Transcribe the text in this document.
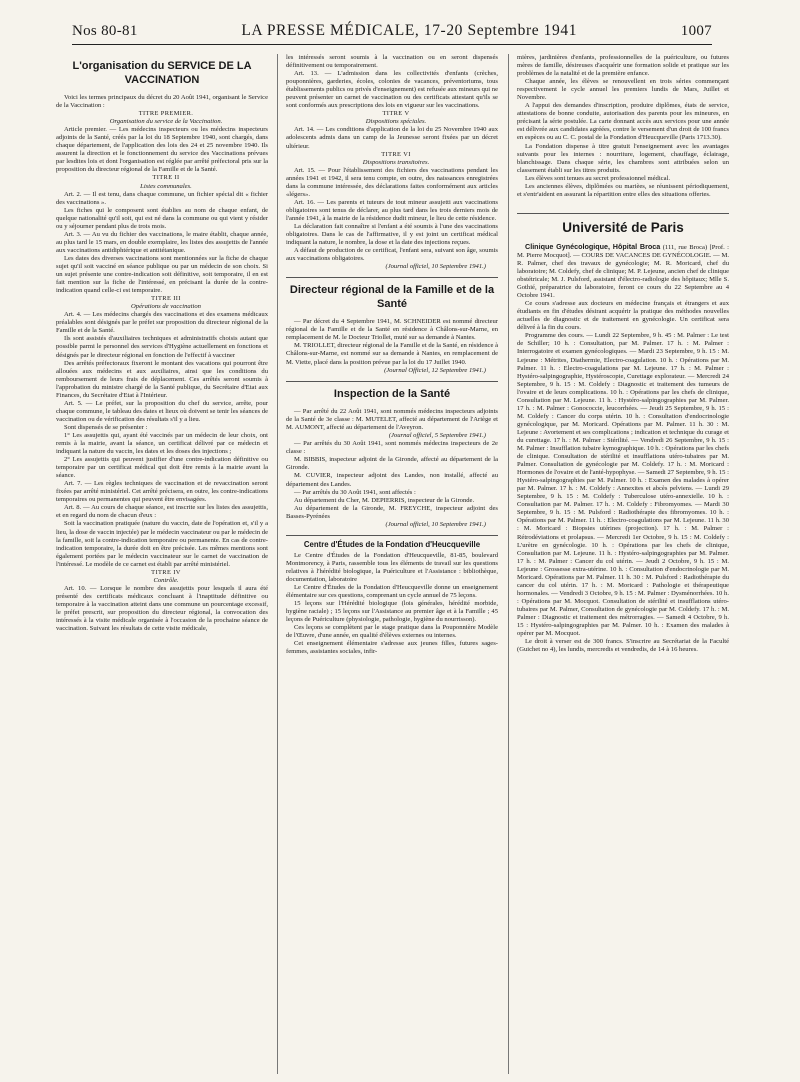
Nos 80-81	LA PRESSE MÉDICALE, 17-20 Septembre 1941	1007
L'organisation du SERVICE DE LA VACCINATION

Voici les termes principaux du décret du 20 Août 1941, organisant le Service de la Vaccination :

TITRE PREMIER.

Organisation du service de la Vaccination.

Article premier. — Les médecins inspecteurs ou les médecins inspecteurs adjoints de la Santé, créés par la loi du 18 Septembre 1940, sont chargés, dans chaque département, de l'application des lois des 24 et 25 novembre 1940. Ils assurent la direction et le fonctionnement du service des Vaccinations prévues par lesdites lois et dont l'organisation est réglée par arrêté préfectoral pris sur la proposition du directeur régional de la Famille et de la Santé.

TITRE II

Listes communales.

Art. 2. — Il est tenu, dans chaque commune, un fichier spécial dit « fichier des vaccinations ».

Les fiches qui le composent sont établies au nom de chaque enfant, de quelque nationalité qu'il soit, qui est né dans la commune ou qui vient y résider ou y séjourner pendant plus de trois mois.

Art. 3. — Au vu du fichier des vaccinations, le maire établit, chaque année, au plus tard le 15 mars, en double exemplaire, les listes des assujettis de l'année aux vaccinations antidiphtérique et antitétanique.

Les dates des diverses vaccinations sont mentionnées sur la fiche de chaque sujet qu'il soit vacciné en séance publique ou par un médecin de son choix. Si un sujet présente une contre-indication soit définitive, soit temporaire, il en est fait mention sur la fiche de l'intéressé, en précisant la durée de la contre-indication quand celle-ci est temporaire.

TITRE III

Opérations de vaccination

Art. 4. — Les médecins chargés des vaccinations et des examens médicaux préalables sont désignés par le préfet sur proposition du directeur régional de la Famille et de la Santé.

Ils sont assistés d'auxiliaires techniques et administratifs choisis autant que possible parmi le personnel des services d'Hygiène actuellement en fonctions et désignés par le directeur régional en fonction de l'effectif à vacciner

Des arrêtés préfectoraux fixeront le montant des vacations qui pourront être allouées aux médecins et aux auxiliaires, ainsi que les conditions du remboursement de leurs frais de déplacement. Ces arrêtés seront soumis à l'approbation du ministre chargé de la Santé publique, du Secrétaire d'Etat aux Finances, du Secrétaire d'Etat à l'Intérieur.

Art. 5. — Le préfet, sur la proposition du chef du service, arrête, pour chaque commune, le tableau des dates et lieux où doivent se tenir les séances de vaccination ou de vérification des résultats s'il y a lieu.

Sont dispensés de se présenter :

1° Les assujettis qui, ayant été vaccinés par un médecin de leur choix, ont remis à la mairie, avant la séance, un certificat délivré par ce médecin et indiquant la nature du vaccin, les dates et les doses des injections ;

2° Les assujettis qui peuvent justifier d'une contre-indication définitive ou temporaire par un certificat médical qui doit être remis à la mairie avant la séance.

Art. 7. — Les règles techniques de vaccination et de revaccination seront fixées par arrêté ministériel. Cet arrêté précisera, en outre, les contre-indications temporaires ou permanentes qui peuvent être envisagées.

Art. 8. — Au cours de chaque séance, est inscrite sur les listes des assujettis, et en regard du nom de chacun d'eux :

Soit la vaccination pratiquée (nature du vaccin, date de l'opération et, s'il y a lieu, la dose de vaccin injectée) par le médecin vaccinateur ou par le médecin de la famille, soit la contre-indication temporaire ou permanente. En cas de contre-indication temporaire, la durée doit en être précisée. Les mêmes mentions sont également portées par le médecin vaccinateur sur le carnet de vaccination de l'intéressé. Le modèle de ce carnet est établi par arrêté ministériel.

TITRE IV

Contrôle.

Art. 10. — Lorsque le nombre des assujettis pour lesquels il aura été présenté des certificats médicaux concluant à l'inaptitude définitive ou temporaire à la vaccination atteint dans une commune un pourcentage excessif, le préfet prescrit, sur proposition du directeur régional, la convocation des intéressés à la visite médicale organisée à l'occasion de la prochaine séance de vaccination. Suivant les résultats de cette visite médicale,

les intéressés seront soumis à la vaccination ou en seront dispensés définitivement ou temporairement.

Art. 13. — L'admission dans les collectivités d'enfants (crèches, pouponnières, garderies, écoles, colonies de vacances, préventoriums, tous établissements publics ou privés d'enseignement) est refusée aux mineurs qui ne peuvent présenter un carnet de vaccination ou des certificats attestant qu'ils se sont conformés aux prescriptions des lois en vigueur sur les vaccinations.

TITRE V

Dispositions spéciales.

Art. 14. — Les conditions d'application de la loi du 25 Novembre 1940 aux adolescents admis dans un camp de la Jeunesse seront fixées par un décret ultérieur.

TITRE VI

Dispositions transitoires.

Art. 15. — Pour l'établissement des fichiers des vaccinations pendant les années 1941 et 1942, il sera tenu compte, en outre, des naissances enregistrées dans la commune intéressée, des déclarations faites conformément aux articles «légers».

Art. 16. — Les parents et tuteurs de tout mineur assujetti aux vaccinations obligatoires sont tenus de déclarer, au plus tard dans les trois derniers mois de l'année 1941, à la mairie de la résidence dudit mineur, le lieu de cette résidence.

La déclaration fait connaître si l'enfant a été soumis à l'une des vaccinations obligatoires. Dans le cas de l'affirmative, il y est joint un certificat médical indiquant la nature, le nombre, la dose et la date des injections reçues.

A défaut de production de ce certificat, l'enfant sera, suivant son âge, soumis aux vaccinations obligatoires.

(Journal officiel, 10 Septembre 1941.)

Directeur régional de la Famille et de la Santé

— Par décret du 4 Septembre 1941, M. SCHNEIDER est nommé directeur régional de la Famille et de la Santé en résidence à Châlons-sur-Marne, en remplacement de M. le Docteur Triollet, muté sur sa demande à Nantes.

M. TRIOLLET, directeur régional de la Famille et de la Santé, en résidence à Châlons-sur-Marne, est nommé sur sa demande à Nantes, en remplacement de M. Viette, placé dans la position prévue par la loi du 17 Juillet 1940.

(Journal Officiel, 12 Septembre 1941.)

Inspection de la Santé

— Par arrêté du 22 Août 1941, sont nommés médecins inspecteurs adjoints de la Santé de 3e classe : M. MUTELET, affecté au département de l'Ariège et M. AUMONT, affecté au département de l'Aveyron.

(Journal officiel, 5 Septembre 1941.)

— Par arrêtés du 30 Août 1941, sont nommés médecins inspecteurs de 2e classe :

M. BIBBIS, inspecteur adjoint de la Gironde, affecté au département de la Gironde.

M. CUVIER, inspecteur adjoint des Landes, non installé, affecté au département des Landes.

— Par arrêtés du 30 Août 1941, sont affectés :

Au département du Cher, M. DEPIERRIS, inspecteur de la Gironde.

Au département de la Gironde, M. FREYCHE, inspecteur adjoint des Basses-Pyrénées

(Journal officiel, 10 Septembre 1941.)

Centre d'Études de la Fondation d'Heucqueville

Le Centre d'Études de la Fondation d'Heucqueville, 81-85, boulevard Montmorency, à Paris, rassemble tous les éléments de travail sur les questions relatives à l'hérédité biologique, la Puériculture et l'Assistance : bibliothèque, documentation, laboratoire

Le Centre d'Études de la Fondation d'Heucqueville donne un enseignement élémentaire sur ces questions, comprenant un cycle annuel de 75 leçons.

15 leçons sur l'Hérédité biologique (lois générales, hérédité morbide, hygiène raciale) ; 15 leçons sur l'Assistance au premier âge et à la Famille ; 45 leçons de Puériculture (physiologie, pathologie, hygiène du nourrisson).

Ces leçons se complètent par le stage pratique dans la Pouponnière Modèle de l'Œuvre, d'une année, en qualité d'élèves externes ou internes.

Cet enseignement élémentaire s'adresse aux jeunes filles, futures sages-femmes, assistantes sociales, infir-

mières, jardinières d'enfants, professionnelles de la puériculture, ou futures mères de famille, désireuses d'acquérir une formation solide et pratique sur les problèmes de la natalité et de la première enfance.

Chaque année, les élèves se renouvellent en trois séries commençant respectivement le cycle annuel les premiers lundis de Mars, Juillet et Novembre.

A l'appui des demandes d'inscription, produire diplômes, états de service, attestations de bonne conduite, autorisation des parents pour les mineures, en précisant la série postulée. La carte donnant accès aux services pour une année est délivrée aux candidates agréées, contre le versement d'un droit de 100 francs en espèces ou au C. C. postal de la Fondation d'Heucqueville (Paris 1713.30).

La Fondation dispense à titre gratuit l'enseignement avec les avantages suivants pour les internes : nourriture, logement, chauffage, éclairage, blanchissage. Dans chaque série, les chambres sont attribuées selon un classement établi sur les titres produits.

Les élèves sont tenues au secret professionnel médical.

Les anciennes élèves, diplômées ou marièes, se réunissent périodiquement, et s'entr'aident en assurant la répartition entre elles des situations offertes.

Université de Paris

Clinique Gynécologique, Hôpital Broca (111, rue Broca) [Prof. : M. Pierre Mocquot]. — COURS DE VACANCES DE GYNÉCOLOGIE. — M. R. Palmer, chef des travaux de gynécologie; M. R. Moricard, chef du laboratoire; M. Coldefy, chef de clinique; M. P. Lejeune, ancien chef de clinique obstétricale; M. J. Pulsford, assistant d'électro-radiologie des hôpitaux; Mlle S. Gothié, préparatrice du laboratoire, feront ce cours du 22 Septembre au 4 Octobre 1941.

Ce cours s'adresse aux docteurs en médecine français et étrangers et aux étudiants en fin d'études désirant acquérir la pratique des méthodes nouvelles actuelles de diagnostic et de traitement en gynécologie. Un certificat sera délivré à la fin du cours.

Programme des cours. — Lundi 22 Septembre, 9 h. 45 : M. Palmer : Le test de Schiller; 10 h. : Consultation, par M. Palmer. 17 h. : M. Palmer : Interrogatoire et examen gynécologiques. — Mardi 23 Septembre, 9 h. 15 : M. Lejeune : Métrites, Diathermie, Electro-coagulation. 10 h. : Opérations par M. Palmer. 11 h. : Electro-coagulations par M. Lejeune. 17 h. : M. Palmer : Hystéro-salpingographie, Hystéroscopie, Curettage explorateur. — Mercredi 24 Septembre, 9 h. 15 : M. Coldefy : Diagnostic et traitement des tumeurs de l'ovaire et de leurs complications. 10 h. : Opérations par les chefs de clinique, Consultation par M. Lejeune. 11 h. : Hystéro-salpingographies par M. Palmer. 17 h. : M. Palmer : Gonococcie, leucorrhées. — Jeudi 25 Septembre, 9 h. 15 : M. Coldefy : Cancer du corps utérin. 10 h. : Consultation d'endocrinologie gynécologique, par M. Moricard. Opérations par M. Palmer. 11 h. 30 : M. Lejeune : Avortement et ses complications ; indication et technique du curage et du curettage. 17 h. : M. Palmer : Stérilité. — Vendredi 26 Septembre, 9 h. 15 : M. Palmer : Insufflation tubaire kymographique. 10 h. : Opérations par les chefs de clinique. Consultation de stérilité et insufflations utéro-tubaires par M. Palmer. Consultation de gynécologie par M. Coldefy. 17 h. : M. Moricard : Hormones de l'ovaire et de l'anté-hypophyse. — Samedi 27 Septembre, 9 h. 15 : Hystéro-salpingographies par M. Palmer. 10 h. : Examen des malades à opérer par M. Palmer. 17 h. : M. Coldefy : Annexites et abcès pelviens. — Lundi 29 Septembre, 9 h. 15 : M. Coldefy : Tuberculose utéro-annexielle. 10 h. : Consultation par M. Palmer. 17 h. : M. Coldefy : Fibromyomes. — Mardi 30 Septembre, 9 h. 15 : M. Pulsford : Radiothérapie des fibromyomes. 10 h. : Opérations par M. Palmer. 11 h. : Electro-coagulations par M. Lejeune. 11 h. 30 : M. Moricard : Biopsies utérines (projection). 17 h. : M. Palmer : Rétrodéviations et prolapsus. — Mercredi 1er Octobre, 9 h. 15 : M. Coldefy : L'urètre en gynécologie. 10 h. : Opérations par les chefs de clinique, Consultation par M. Lejeune. 11 h. : Hystéro-salpingographies par M. Palmer. 17 h. : M. Palmer : Cancer du col utérin. — Jeudi 2 Octobre, 9 h. 15 : M. Lejeune : Grossesse extra-utérine. 10 h. : Consultation d'endocrinologie par M. Moricard. Opérations par M. Palmer. 11 h. 30 : M. Pulsford : Radiothérapie du cancer du col utérin. 17 h. : M. Moricard : Pathologie et thérapeutique hormonales. — Vendredi 3 Octobre, 9 h. 15 : M. Palmer : Dysménorrhées. 10 h. : Opérations par M. Mocquot. Consultation de stérilité et insufflations utéro-tubaires par M. Palmer, Consultation de gynécologie par M. Coldefy. 17 h. : M. Palmer : Diagnostic et traitement des métrorragies. — Samedi 4 Octobre, 9 h. 15 : Hystéro-salpingographies par M. Palmer. 10 h. : Examen des malades à opérer par M. Mocquot.

Le droit à verser est de 300 francs. S'inscrire au Secrétariat de la Faculté (Guichet no 4), les lundis, mercredis et vendredis, de 14 à 16 heures.
